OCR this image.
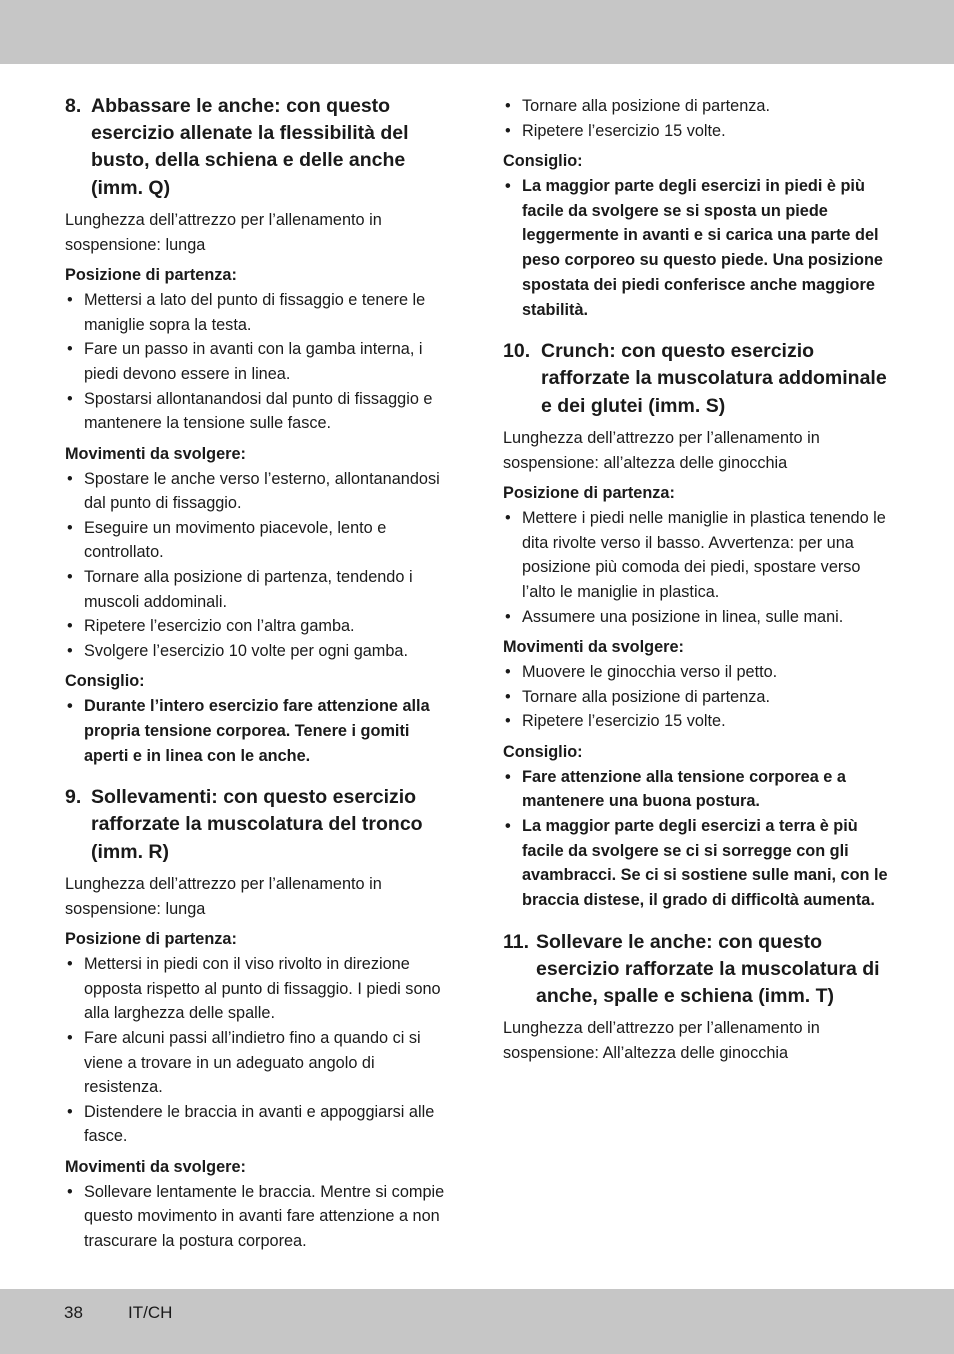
8. Abbassare le anche: con questo esercizio allenate la flessibilità del busto, della schiena e delle anche (imm. Q)

Lunghezza dell’attrezzo per l’allenamento in sospensione: lunga

Posizione di partenza:
• Mettersi a lato del punto di fissaggio e tenere le maniglie sopra la testa.
• Fare un passo in avanti con la gamba interna, i piedi devono essere in linea.
• Spostarsi allontanandosi dal punto di fissaggio e mantenere la tensione sulle fasce.
Movimenti da svolgere:
• Spostare le anche verso l’esterno, allontanandosi dal punto di fissaggio.
• Eseguire un movimento piacevole, lento e controllato.
• Tornare alla posizione di partenza, tendendo i muscoli addominali.
• Ripetere l’esercizio con l’altra gamba.
• Svolgere l’esercizio 10 volte per ogni gamba.
Consiglio:
• Durante l’intero esercizio fare attenzione alla propria tensione corporea. Tenere i gomiti aperti e in linea con le anche.
9. Sollevamenti: con questo esercizio rafforzate la muscolatura del tronco (imm. R)

Lunghezza dell’attrezzo per l’allenamento in sospensione: lunga

Posizione di partenza:
• Mettersi in piedi con il viso rivolto in direzione opposta rispetto al punto di fissaggio. I piedi sono alla larghezza delle spalle.
• Fare alcuni passi all’indietro fino a quando ci si viene a trovare in un adeguato angolo di resistenza.
• Distendere le braccia in avanti e appoggiarsi alle fasce.
Movimenti da svolgere:
• Sollevare lentamente le braccia. Mentre si compie questo movimento in avanti fare attenzione a non trascurare la postura corporea.
• Tornare alla posizione di partenza.
• Ripetere l’esercizio 15 volte.
Consiglio:
• La maggior parte degli esercizi in piedi è più facile da svolgere se si sposta un piede leggermente in avanti e si carica una parte del peso corporeo su questo piede. Una posizione spostata dei piedi conferisce anche maggiore stabilità.
10. Crunch: con questo esercizio rafforzate la muscolatura addominale e dei glutei (imm. S)

Lunghezza dell’attrezzo per l’allenamento in sospensione: all’altezza delle ginocchia

Posizione di partenza:
• Mettere i piedi nelle maniglie in plastica tenendo le dita rivolte verso il basso. Avvertenza: per una posizione più comoda dei piedi, spostare verso l’alto le maniglie in plastica.
• Assumere una posizione in linea, sulle mani.
Movimenti da svolgere:
• Muovere le ginocchia verso il petto.
• Tornare alla posizione di partenza.
• Ripetere l’esercizio 15 volte.
Consiglio:
• Fare attenzione alla tensione corporea e a mantenere una buona postura.
• La maggior parte degli esercizi a terra è più facile da svolgere se ci si sorregge con gli avambracci. Se ci si sostiene sulle mani, con le braccia distese, il grado di difficoltà aumenta.
11. Sollevare le anche: con questo esercizio rafforzate la muscolatura di anche, spalle e schiena (imm. T)

Lunghezza dell’attrezzo per l’allenamento in sospensione: All’altezza delle ginocchia

38	IT/CH
